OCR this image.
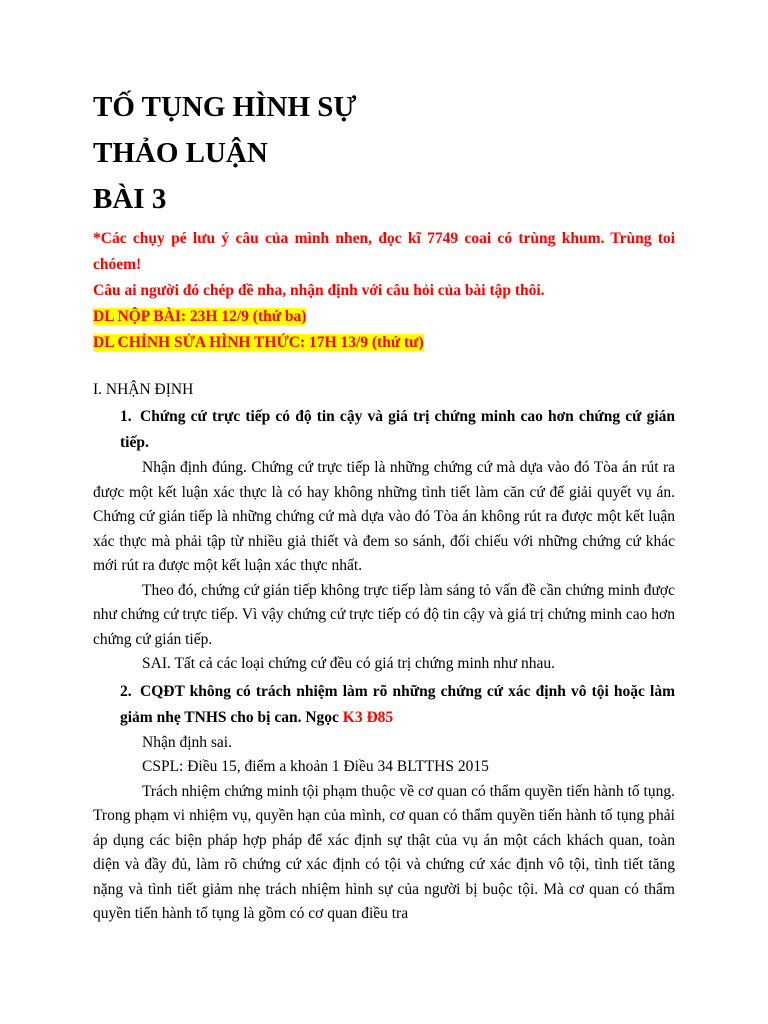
TỐ TỤNG HÌNH SỰ
THẢO LUẬN
BÀI 3

*Các chụy pé lưu ý câu của mình nhen, đọc kĩ 7749 coai có trùng khum. Trùng toi chóem!

Câu ai người đó chép đề nha, nhận định với câu hỏi của bài tập thôi.

DL NỘP BÀI: 23H 12/9 (thứ ba)

DL CHỈNH SỬA HÌNH THỨC: 17H 13/9 (thứ tư)

I. NHẬN ĐỊNH

1. Chứng cứ trực tiếp có độ tin cậy và giá trị chứng minh cao hơn chứng cứ gián tiếp.

Nhận định đúng. Chứng cứ trực tiếp là những chứng cứ mà dựa vào đó Tòa án rút ra được một kết luận xác thực là có hay không những tình tiết làm căn cứ để giải quyết vụ án. Chứng cứ gián tiếp là những chứng cứ mà dựa vào đó Tòa án không rút ra được một kết luận xác thực mà phải tập từ nhiều giả thiết và đem so sánh, đối chiếu với những chứng cứ khác mới rút ra được một kết luận xác thực nhất.

Theo đó, chứng cứ gián tiếp không trực tiếp làm sáng tỏ vấn đề cần chứng minh được như chứng cứ trực tiếp. Vì vậy chứng cứ trực tiếp có độ tin cậy và giá trị chứng minh cao hơn chứng cứ gián tiếp.

SAI. Tất cả các loại chứng cứ đều có giá trị chứng minh như nhau.

2. CQĐT không có trách nhiệm làm rõ những chứng cứ xác định vô tội hoặc làm giảm nhẹ TNHS cho bị can. Ngọc K3 Đ85

Nhận định sai.

CSPL: Điều 15, điểm a khoản 1 Điều 34 BLTTHS 2015

Trách nhiệm chứng minh tội phạm thuộc về cơ quan có thẩm quyền tiến hành tố tụng. Trong phạm vi nhiệm vụ, quyền hạn của mình, cơ quan có thẩm quyền tiến hành tố tụng phải áp dụng các biện pháp hợp pháp để xác định sự thật của vụ án một cách khách quan, toàn diện và đầy đủ, làm rõ chứng cứ xác định có tội và chứng cứ xác định vô tội, tình tiết tăng nặng và tình tiết giảm nhẹ trách nhiệm hình sự của người bị buộc tội. Mà cơ quan có thẩm quyền tiến hành tố tụng là gồm có cơ quan điều tra
